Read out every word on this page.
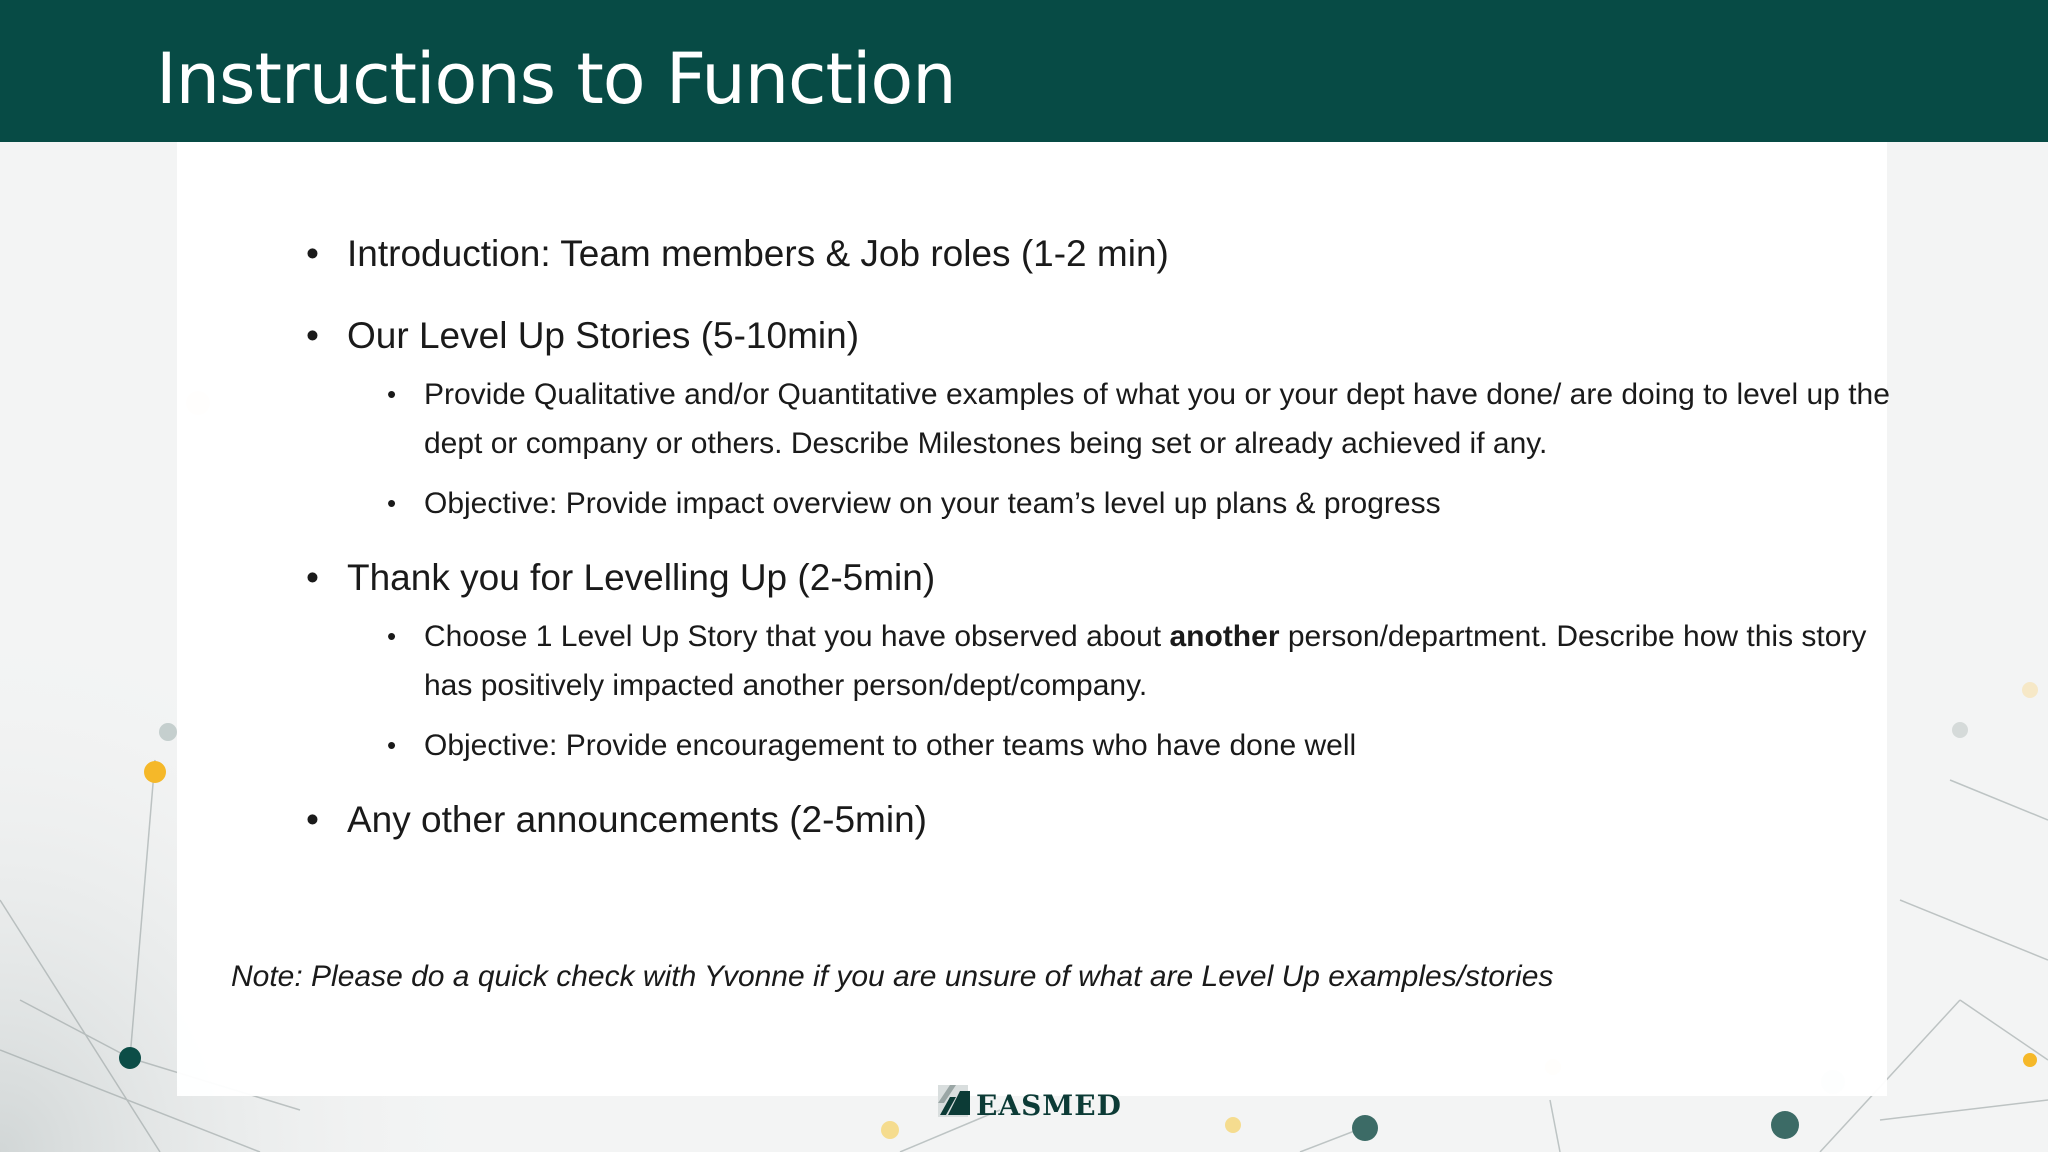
Instructions to Function
• Introduction: Team members & Job roles (1-2 min)
• Our Level Up Stories (5-10min)
• Provide Qualitative and/or Quantitative examples of what you or your dept have done/ are doing to level up the dept or company or others. Describe Milestones being set or already achieved if any.
• Objective: Provide impact overview on your team’s level up plans & progress
• Thank you for Levelling Up (2-5min)
• Choose 1 Level Up Story that you have observed about another person/department. Describe how this story has positively impacted another person/dept/company.
• Objective: Provide encouragement to other teams who have done well
• Any other announcements (2-5min)

Note: Please do a quick check with Yvonne if you are unsure of what are Level Up examples/stories

EASMED
